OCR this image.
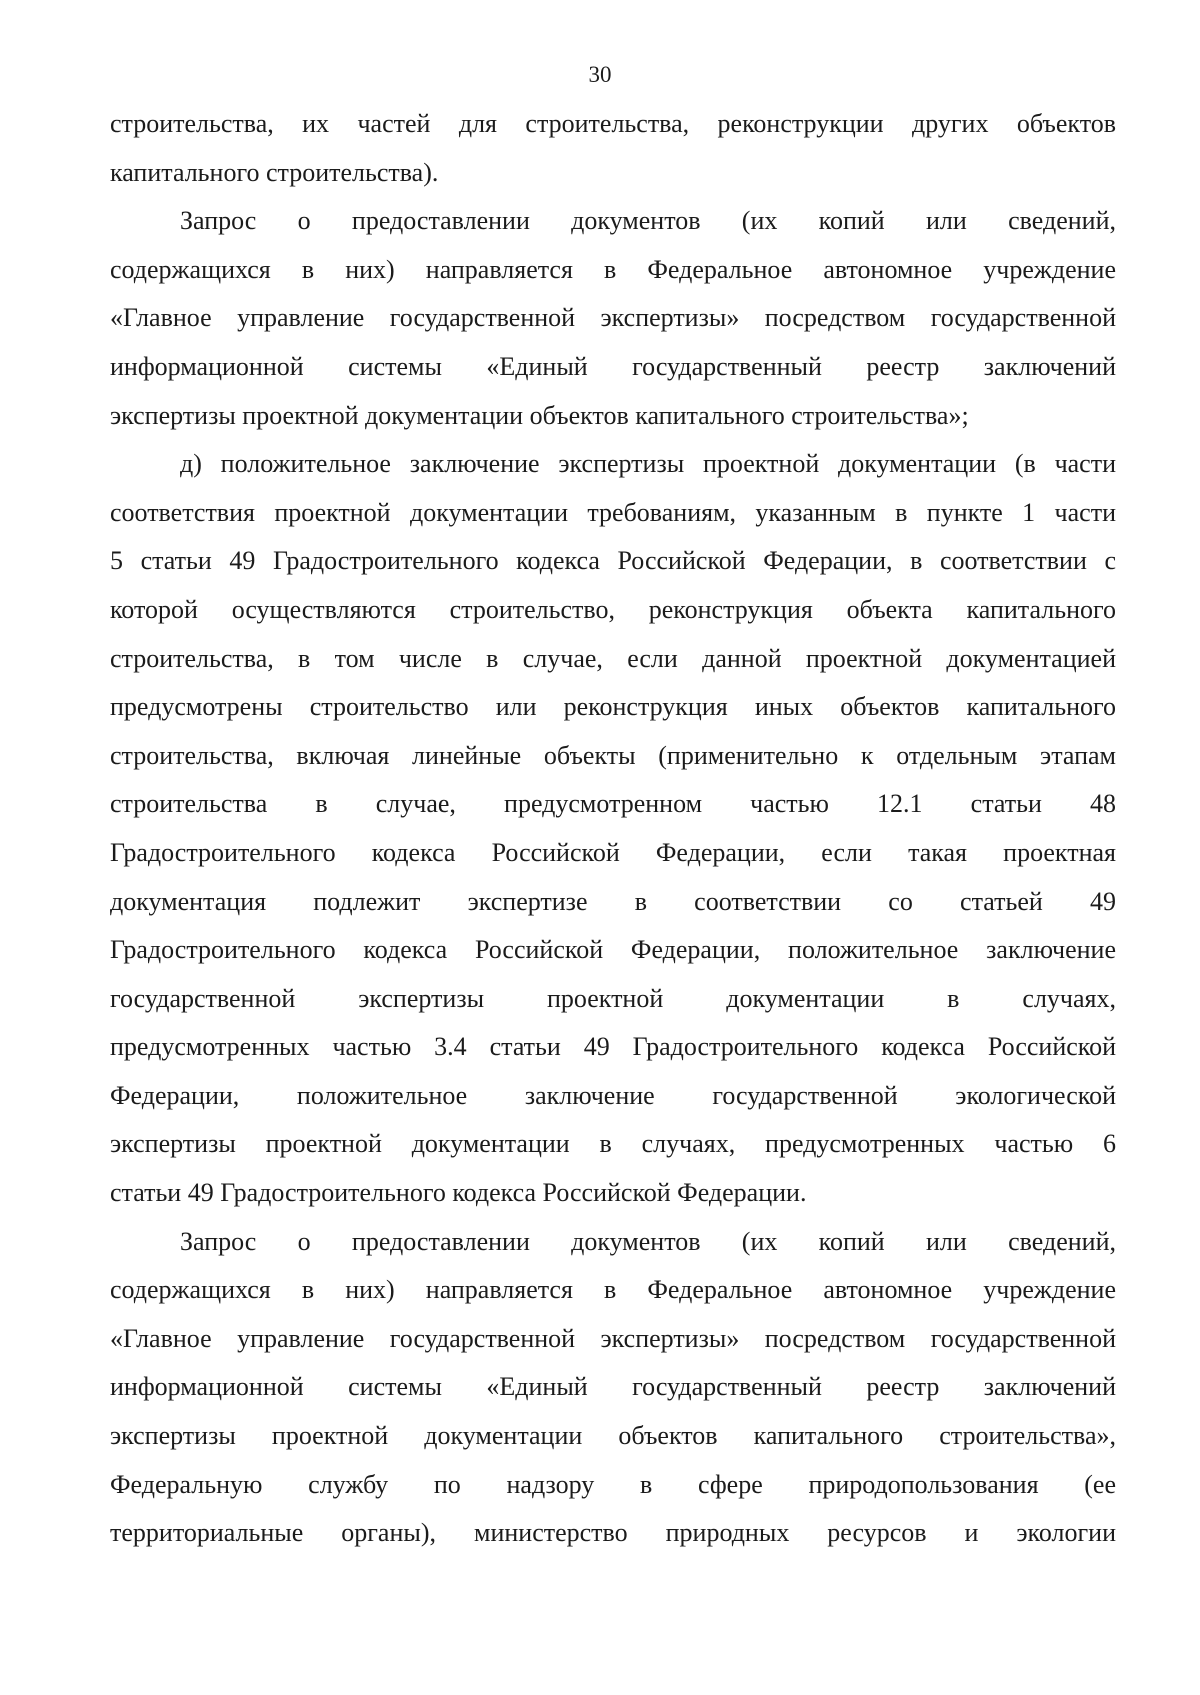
30
строительства, их частей для строительства, реконструкции других объектов
капитального строительства).
Запрос о предоставлении документов (их копий или сведений,
содержащихся в них) направляется в Федеральное автономное учреждение
«Главное управление государственной экспертизы» посредством государственной
информационной системы «Единый государственный реестр заключений
экспертизы проектной документации объектов капитального строительства»;
д) положительное заключение экспертизы проектной документации (в части
соответствия проектной документации требованиям, указанным в пункте 1 части
5 статьи 49 Градостроительного кодекса Российской Федерации, в соответствии с
которой осуществляются строительство, реконструкция объекта капитального
строительства, в том числе в случае, если данной проектной документацией
предусмотрены строительство или реконструкция иных объектов капитального
строительства, включая линейные объекты (применительно к отдельным этапам
строительства в случае, предусмотренном частью 12.1 статьи 48
Градостроительного кодекса Российской Федерации, если такая проектная
документация подлежит экспертизе в соответствии со статьей 49
Градостроительного кодекса Российской Федерации, положительное заключение
государственной экспертизы проектной документации в случаях,
предусмотренных частью 3.4 статьи 49 Градостроительного кодекса Российской
Федерации, положительное заключение государственной экологической
экспертизы проектной документации в случаях, предусмотренных частью 6
статьи 49 Градостроительного кодекса Российской Федерации.
Запрос о предоставлении документов (их копий или сведений,
содержащихся в них) направляется в Федеральное автономное учреждение
«Главное управление государственной экспертизы» посредством государственной
информационной системы «Единый государственный реестр заключений
экспертизы проектной документации объектов капитального строительства»,
Федеральную службу по надзору в сфере природопользования (ее
территориальные органы), министерство природных ресурсов и экологии
